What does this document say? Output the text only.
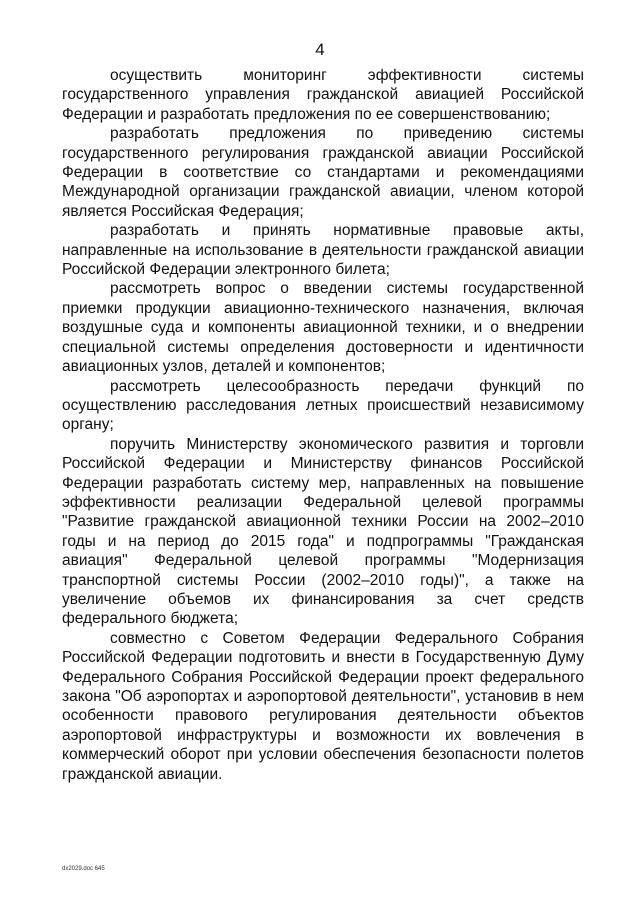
4

осуществить мониторинг эффективности системы государственного управления гражданской авиацией Российской Федерации и разработать предложения по ее совершенствованию;

разработать предложения по приведению системы государственного регулирования гражданской авиации Российской Федерации в соответствие со стандартами и рекомендациями Международной организации гражданской авиации, членом которой является Российская Федерация;

разработать и принять нормативные правовые акты, направленные на использование в деятельности гражданской авиации Российской Федерации электронного билета;

рассмотреть вопрос о введении системы государственной приемки продукции авиационно-технического назначения, включая воздушные суда и компоненты авиационной техники, и о внедрении специальной системы определения достоверности и идентичности авиационных узлов, деталей и компонентов;

рассмотреть целесообразность передачи функций по осуществлению расследования летных происшествий независимому органу;

поручить Министерству экономического развития и торговли Российской Федерации и Министерству финансов Российской Федерации разработать систему мер, направленных на повышение эффективности реализации Федеральной целевой программы "Развитие гражданской авиационной техники России на 2002–2010 годы и на период до 2015 года" и подпрограммы "Гражданская авиация" Федеральной целевой программы "Модернизация транспортной системы России (2002–2010 годы)", а также на увеличение объемов их финансирования за счет средств федерального бюджета;

совместно с Советом Федерации Федерального Собрания Российской Федерации подготовить и внести в Государственную Думу Федерального Собрания Российской Федерации проект федерального закона "Об аэропортах и аэропортовой деятельности", установив в нем особенности правового регулирования деятельности объектов аэропортовой инфраструктуры и возможности их вовлечения в коммерческий оборот при условии обеспечения безопасности полетов гражданской авиации.

dx2029.doc 645
